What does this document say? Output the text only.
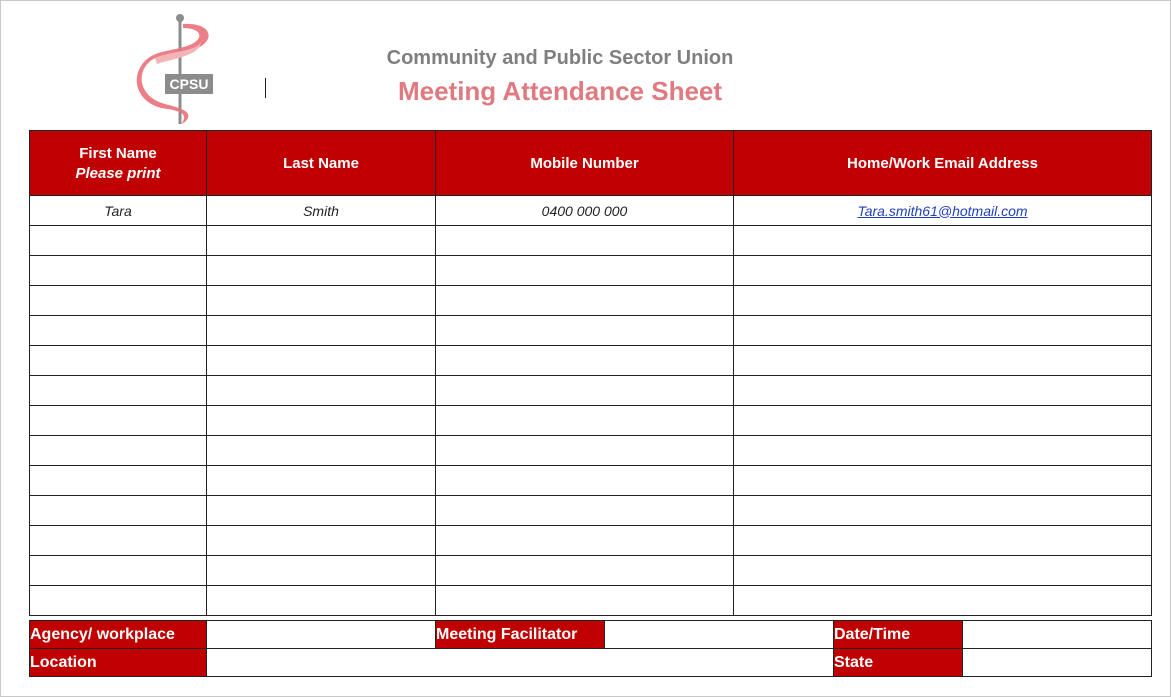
CPSU
Community and Public Sector Union
Meeting Attendance Sheet
First Name
Please print	Last Name	Mobile Number	Home/Work Email Address
Tara	Smith	0400 000 000	Tara.smith61@hotmail.com

Agency/ workplace		Meeting Facilitator		Date/Time	
Location				State	
